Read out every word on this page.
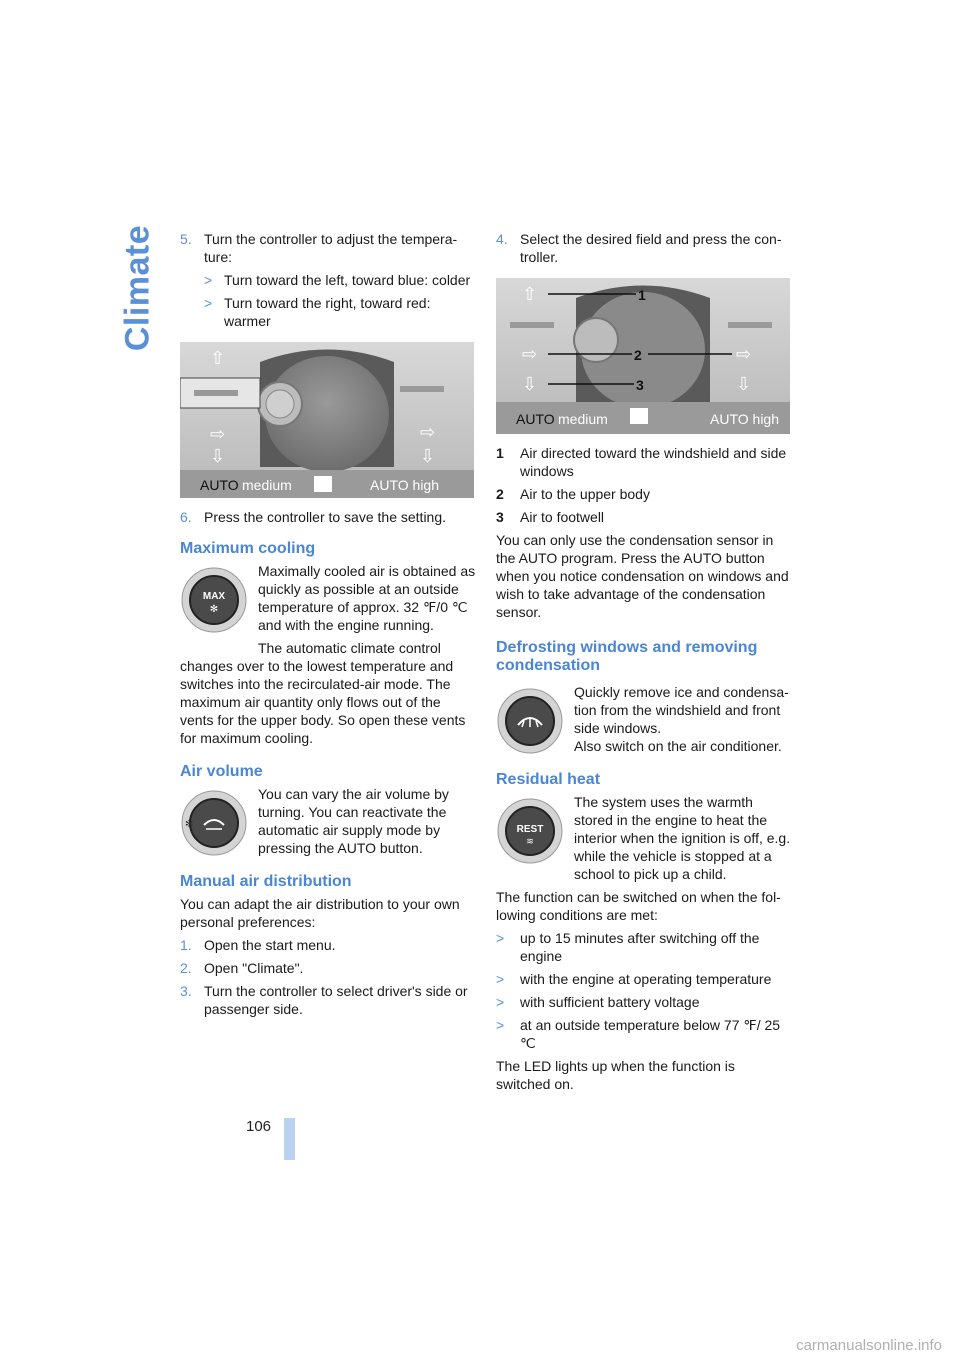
Climate 5. Turn the controller to adjust the tempera-ture:
> Turn toward the left, toward blue: colder
> Turn toward the right, toward red: warmer
⇧
⇨
⇩
⇨
⇩
AUTO medium	AUTO high
6. Press the controller to save the setting.
Maximum cooling
MAX
✻

Maximally cooled air is obtained as quickly as possible at an outside temperature of approx. 32 ℉/0 ℃ and with the engine running.

The automatic climate control changes over to the lowest temperature and switches into the recirculated-air mode. The maximum air quantity only flows out of the vents for the upper body. So open these vents for maximum cooling.

Air volume
✻

You can vary the air volume by turning. You can reactivate the automatic air supply mode by pressing the AUTO button.

Manual air distribution

You can adapt the air distribution to your own personal preferences:

1. Open the start menu.
2. Open "Climate".
3. Turn the controller to select driver's side or passenger side.
4. Select the desired field and press the con-troller.
⇧
⇨
⇩
⇨
⇩
1
2
3
AUTO medium	AUTO high
1 Air directed toward the windshield and side windows
2 Air to the upper body
3 Air to footwell

You can only use the condensation sensor in the AUTO program. Press the AUTO button when you notice condensation on windows and wish to take advantage of the condensation sensor.

Defrosting windows and removing condensation

Quickly remove ice and condensa-tion from the windshield and front side windows.

Also switch on the air conditioner.

Residual heat
REST
≋

The system uses the warmth stored in the engine to heat the interior when the ignition is off, e.g. while the vehicle is stopped at a school to pick up a child.

The function can be switched on when the fol-lowing conditions are met:

> up to 15 minutes after switching off the engine
> with the engine at operating temperature
> with sufficient battery voltage
> at an outside temperature below 77 ℉/ 25 ℃

The LED lights up when the function is switched on.

106
carmanualsonline.info
